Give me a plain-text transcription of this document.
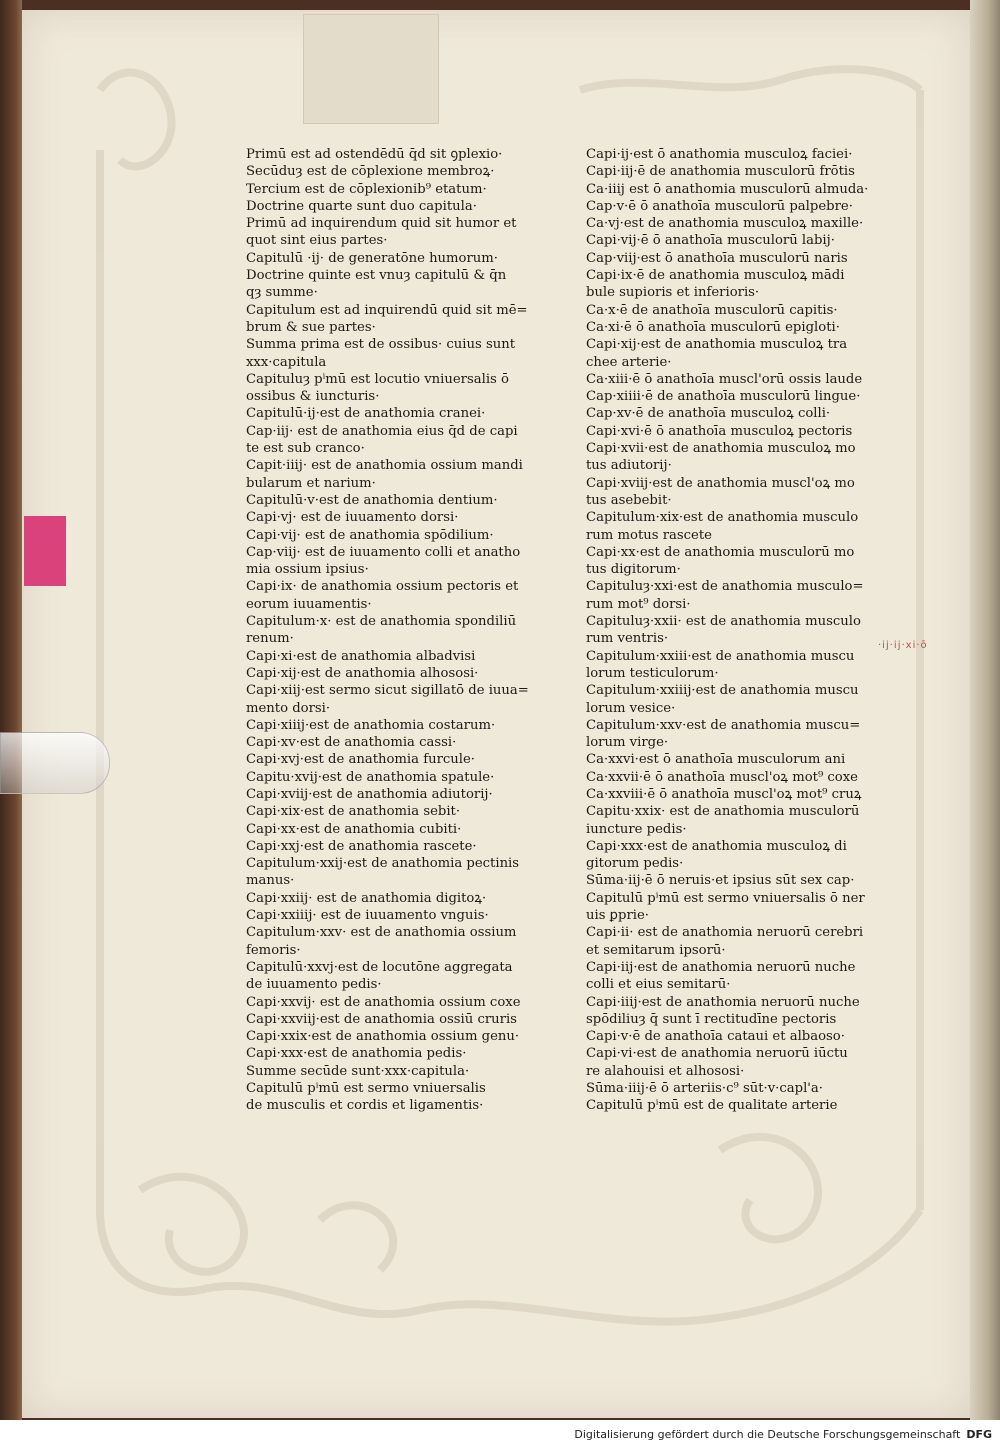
Primū est ad ostendēdū q̄d sit ꝯplexio·
Secūduȝ est de cōplexione membroꝝ·
Tercium est de cōplexionib⁹ etatum·
Doctrine quarte sunt duo capitula·
Primū ad inquirendum quid sit humor et
quot sint eius partes·
Capitulū ·ij· de generatōne humorum·
Doctrine quinte est vnuȝ capitulū & q̄n
qȝ summe·
Capitulum est ad inquirendū quid sit mē=
brum & sue partes·
Summa prima est de ossibus· cuius sunt
xxx·capitula
Capituluȝ pⁱmū est locutio vniuersalis ō
ossibus & iuncturis·
Capitulū·ij·est de anathomia cranei·
Cap·iij· est de anathomia eius q̄d de capi
te est sub cranco·
Capit·iiij· est de anathomia ossium mandi
bularum et narium·
Capitulū·v·est de anathomia dentium·
Capi·vj· est de iuuamento dorsi·
Capi·vij· est de anathomia spōdilium·
Cap·viij· est de iuuamento colli et anatho
mia ossium ipsius·
Capi·ix· de anathomia ossium pectoris et
eorum iuuamentis·
Capitulum·x· est de anathomia spondiliū
renum·
Capi·xi·est de anathomia albadvisi
Capi·xij·est de anathomia alhososi·
Capi·xiij·est sermo sicut sigillatō de iuua=
mento dorsi·
Capi·xiiij·est de anathomia costarum·
Capi·xv·est de anathomia cassi·
Capi·xvj·est de anathomia furcule·
Capitu·xvij·est de anathomia spatule·
Capi·xviij·est de anathomia adiutorij·
Capi·xix·est de anathomia sebit·
Capi·xx·est de anathomia cubiti·
Capi·xxj·est de anathomia rascete·
Capitulum·xxij·est de anathomia pectinis
manus·
Capi·xxiij· est de anathomia digitoꝝ·
Capi·xxiiij· est de iuuamento vnguis·
Capitulum·xxv· est de anathomia ossium
femoris·
Capitulū·xxvj·est de locutōne aggregata
de iuuamento pedis·
Capi·xxvij· est de anathomia ossium coxe
Capi·xxviij·est de anathomia ossiū cruris
Capi·xxix·est de anathomia ossium genu·
Capi·xxx·est de anathomia pedis·
Summe secūde sunt·xxx·capitula·
Capitulū pⁱmū est sermo vniuersalis
de musculis et cordis et ligamentis·
Capi·ij·est ō anathomia musculoꝝ faciei·
Capi·iij·ē de anathomia musculorū frōtis
Ca·iiij est ō anathomia musculorū almuda·
Cap·v·ē ō anathoīa musculorū palpebre·
Ca·vj·est de anathomia musculoꝝ maxille·
Capi·vij·ē ō anathoīa musculorū labij·
Cap·viij·est ō anathoīa musculorū naris
Capi·ix·ē de anathomia musculoꝝ mādi
bule supioris et inferioris·
Ca·x·ē de anathoīa musculorū capitis·
Ca·xi·ē ō anathoīa musculorū epigloti·
Capi·xij·est de anathomia musculoꝝ tra
chee arterie·
Ca·xiii·ē ō anathoīa muscl'orū ossis laude
Cap·xiiii·ē de anathoīa musculorū lingue·
Cap·xv·ē de anathoīa musculoꝝ colli·
Capi·xvi·ē ō anathoīa musculoꝝ pectoris
Capi·xvii·est de anathomia musculoꝝ mo
tus adiutorij·
Capi·xviij·est de anathomia muscl'oꝝ mo
tus asebebit·
Capitulum·xix·est de anathomia musculo
rum motus rascete
Capi·xx·est de anathomia musculorū mo
tus digitorum·
Capituluȝ·xxi·est de anathomia musculo=
rum mot⁹ dorsi·
Capituluȝ·xxii· est de anathomia musculo
rum ventris·
Capitulum·xxiii·est de anathomia muscu
lorum testiculorum·
Capitulum·xxiiij·est de anathomia muscu
lorum vesice·
Capitulum·xxv·est de anathomia muscu=
lorum virge·
Ca·xxvi·est ō anathoīa musculorum ani
Ca·xxvii·ē ō anathoīa muscl'oꝝ mot⁹ coxe
Ca·xxviii·ē ō anathoīa muscl'oꝝ mot⁹ cruꝝ
Capitu·xxix· est de anathomia musculorū
iuncture pedis·
Capi·xxx·est de anathomia musculoꝝ di
gitorum pedis·
Sūma·iij·ē ō neruis·et ipsius sūt sex cap·
Capitulū pⁱmū est sermo vniuersalis ō ner
uis ꝑprie·
Capi·ii· est de anathomia neruorū cerebri
et semitarum ipsorū·
Capi·iij·est de anathomia neruorū nuche
colli et eius semitarū·
Capi·iiij·est de anathomia neruorū nuche
spōdiliuȝ q̄ sunt ī rectitudīne pectoris
Capi·v·ē de anathoīa cataui et albaoso·
Capi·vi·est de anathomia neruorū iūctu
re alahouisi et alhososi·
Sūma·iiij·ē ō arteriis·c⁹ sūt·v·capl'a·
Capitulū pⁱmū est de qualitate arterie
·ij·ij·xi·ō
Digitalisierung gefördert durch die Deutsche Forschungsgemeinschaft DFG
